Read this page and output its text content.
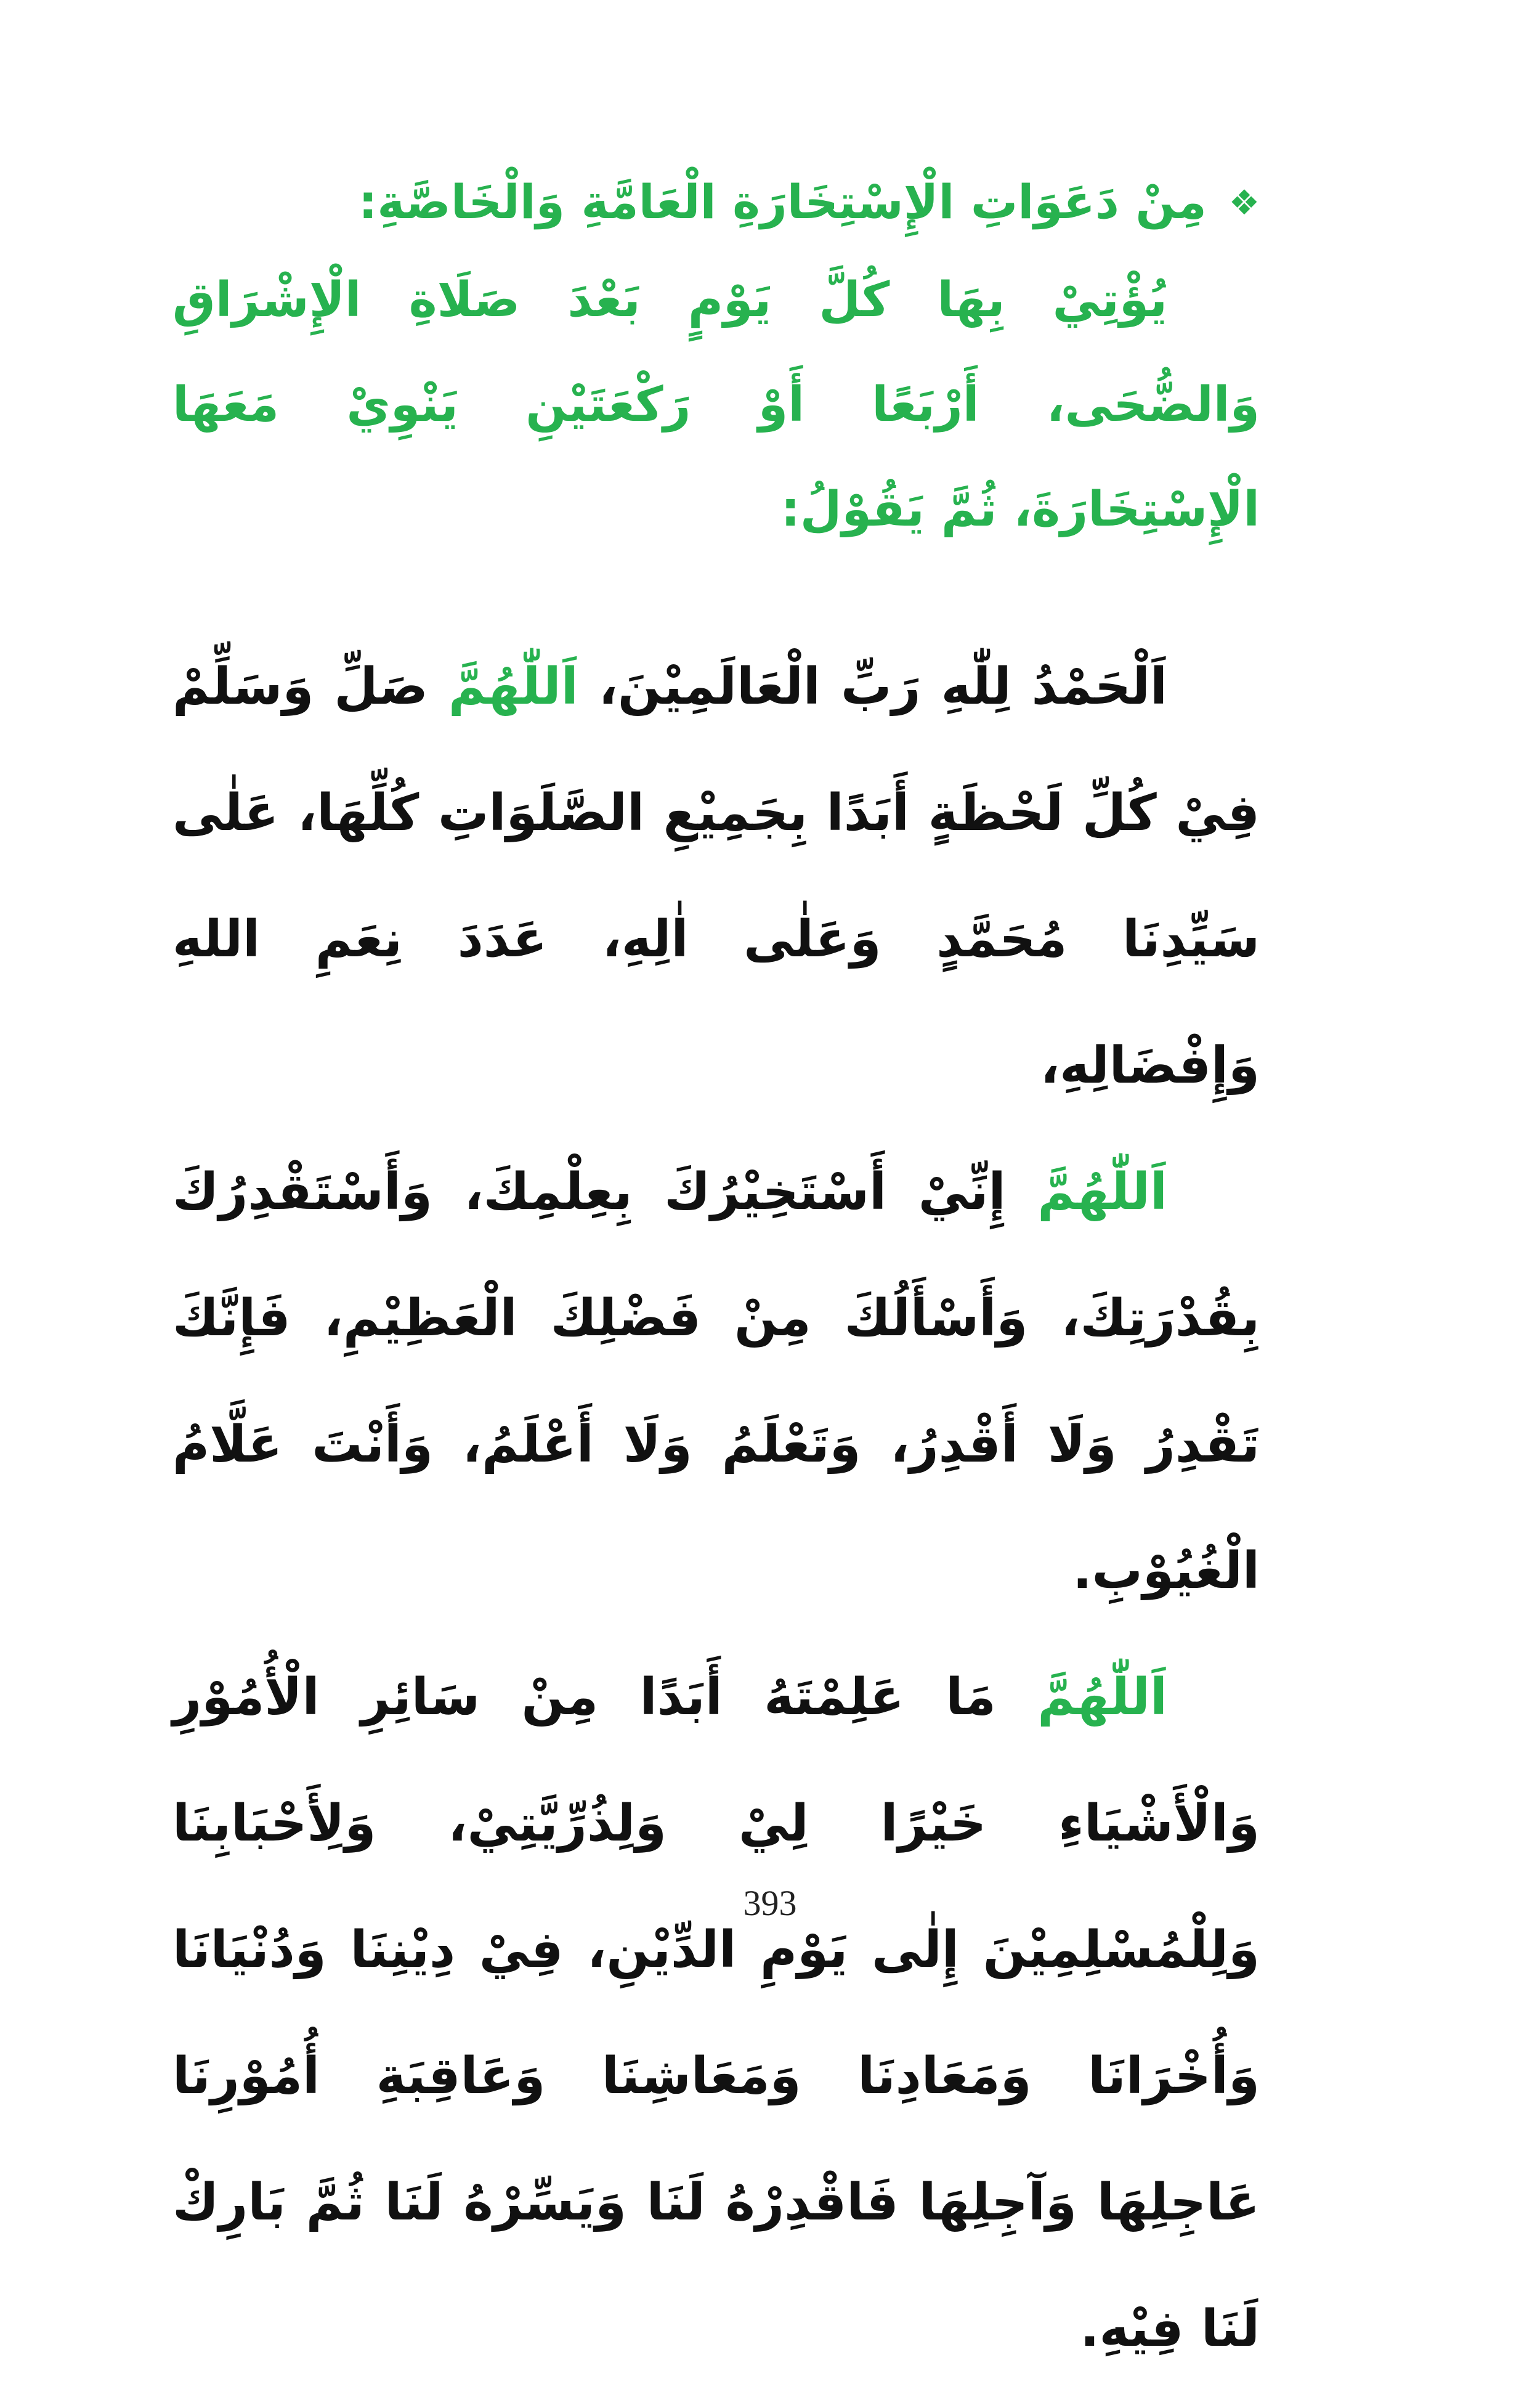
❖مِنْ دَعَوَاتِ الْإِسْتِخَارَةِ الْعَامَّةِ وَالْخَاصَّةِ:

يُؤْتِيْ بِهَا كُلَّ يَوْمٍ بَعْدَ صَلَاةِ الْإِشْرَاقِ وَالضُّحَى، أَرْبَعًا أَوْ رَكْعَتَيْنِ يَنْوِيْ مَعَهَا الْإِسْتِخَارَةَ، ثُمَّ يَقُوْلُ:

اَلْحَمْدُ لِلّٰهِ رَبِّ الْعَالَمِيْنَ، اَللّٰهُمَّ صَلِّ وَسَلِّمْ فِيْ كُلِّ لَحْظَةٍ أَبَدًا بِجَمِيْعِ الصَّلَوَاتِ كُلِّهَا، عَلٰى سَيِّدِنَا مُحَمَّدٍ وَعَلٰى اٰلِهِ، عَدَدَ نِعَمِ اللهِ وَإِفْضَالِهِ،

اَللّٰهُمَّ إِنِّيْ أَسْتَخِيْرُكَ بِعِلْمِكَ، وَأَسْتَقْدِرُكَ بِقُدْرَتِكَ، وَأَسْأَلُكَ مِنْ فَضْلِكَ الْعَظِيْمِ، فَإِنَّكَ تَقْدِرُ وَلَا أَقْدِرُ، وَتَعْلَمُ وَلَا أَعْلَمُ، وَأَنْتَ عَلَّامُ الْغُيُوْبِ.

اَللّٰهُمَّ مَا عَلِمْتَهُ أَبَدًا مِنْ سَائِرِ الْأُمُوْرِ وَالْأَشْيَاءِ خَيْرًا لِيْ وَلِذُرِّيَّتِيْ، وَلِأَحْبَابِنَا وَلِلْمُسْلِمِيْنَ إِلٰى يَوْمِ الدِّيْنِ، فِيْ دِيْنِنَا وَدُنْيَانَا وَأُخْرَانَا وَمَعَادِنَا وَمَعَاشِنَا وَعَاقِبَةِ أُمُوْرِنَا عَاجِلِهَا وَآجِلِهَا فَاقْدِرْهُ لَنَا وَيَسِّرْهُ لَنَا ثُمَّ بَارِكْ لَنَا فِيْهِ.

393
